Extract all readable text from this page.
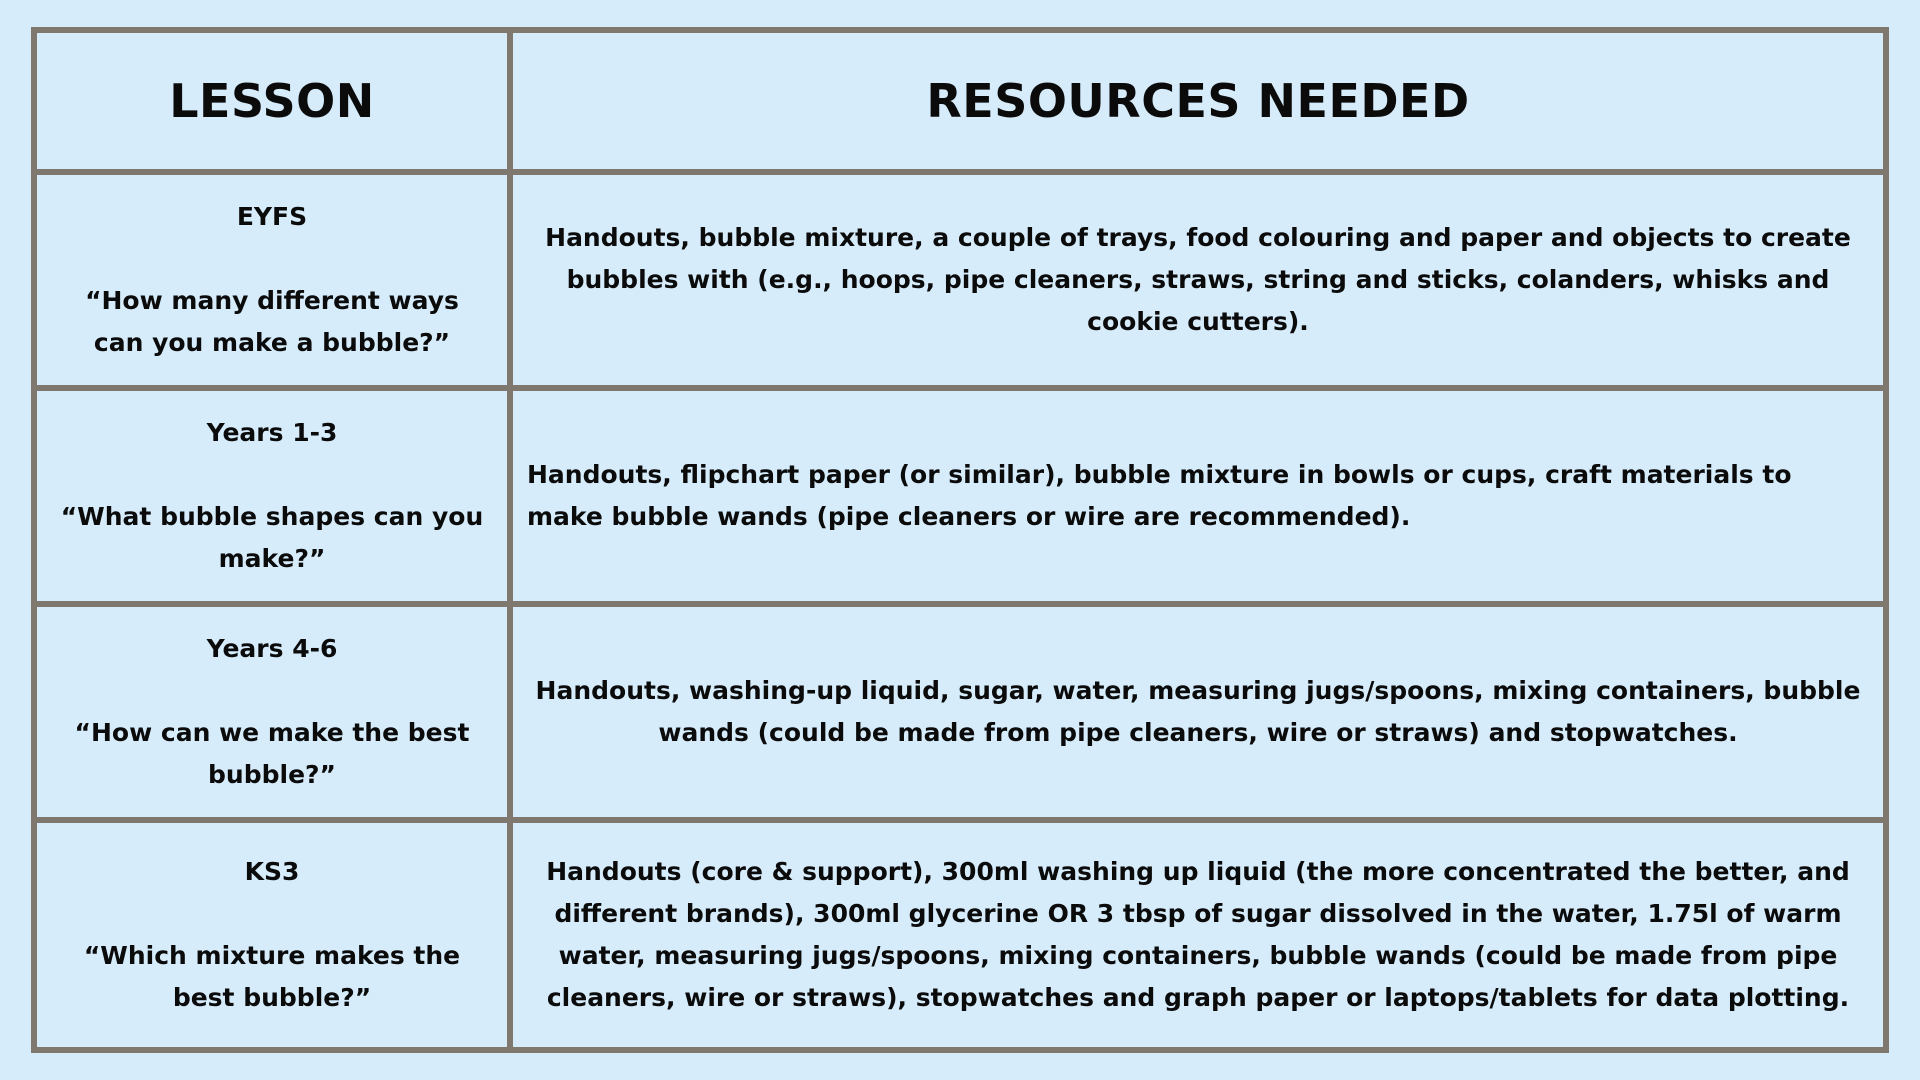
LESSON	RESOURCES NEEDED
EYFS
“How many different ways can you make a bubble?”
Handouts, bubble mixture, a couple of trays, food colouring and paper and objects to create bubbles with (e.g., hoops, pipe cleaners, straws, string and sticks, colanders, whisks and cookie cutters).
Years 1-3
“What bubble shapes can you make?”
Handouts, flipchart paper (or similar), bubble mixture in bowls or cups, craft materials to make bubble wands (pipe cleaners or wire are recommended).
Years 4-6
“How can we make the best bubble?”
Handouts, washing-up liquid, sugar, water, measuring jugs/spoons, mixing containers, bubble wands (could be made from pipe cleaners, wire or straws) and stopwatches.
KS3
“Which mixture makes the best bubble?”
Handouts (core & support), 300ml washing up liquid (the more concentrated the better, and different brands), 300ml glycerine OR 3 tbsp of sugar dissolved in the water, 1.75l of warm water, measuring jugs/spoons, mixing containers, bubble wands (could be made from pipe cleaners, wire or straws), stopwatches and graph paper or laptops/tablets for data plotting.
